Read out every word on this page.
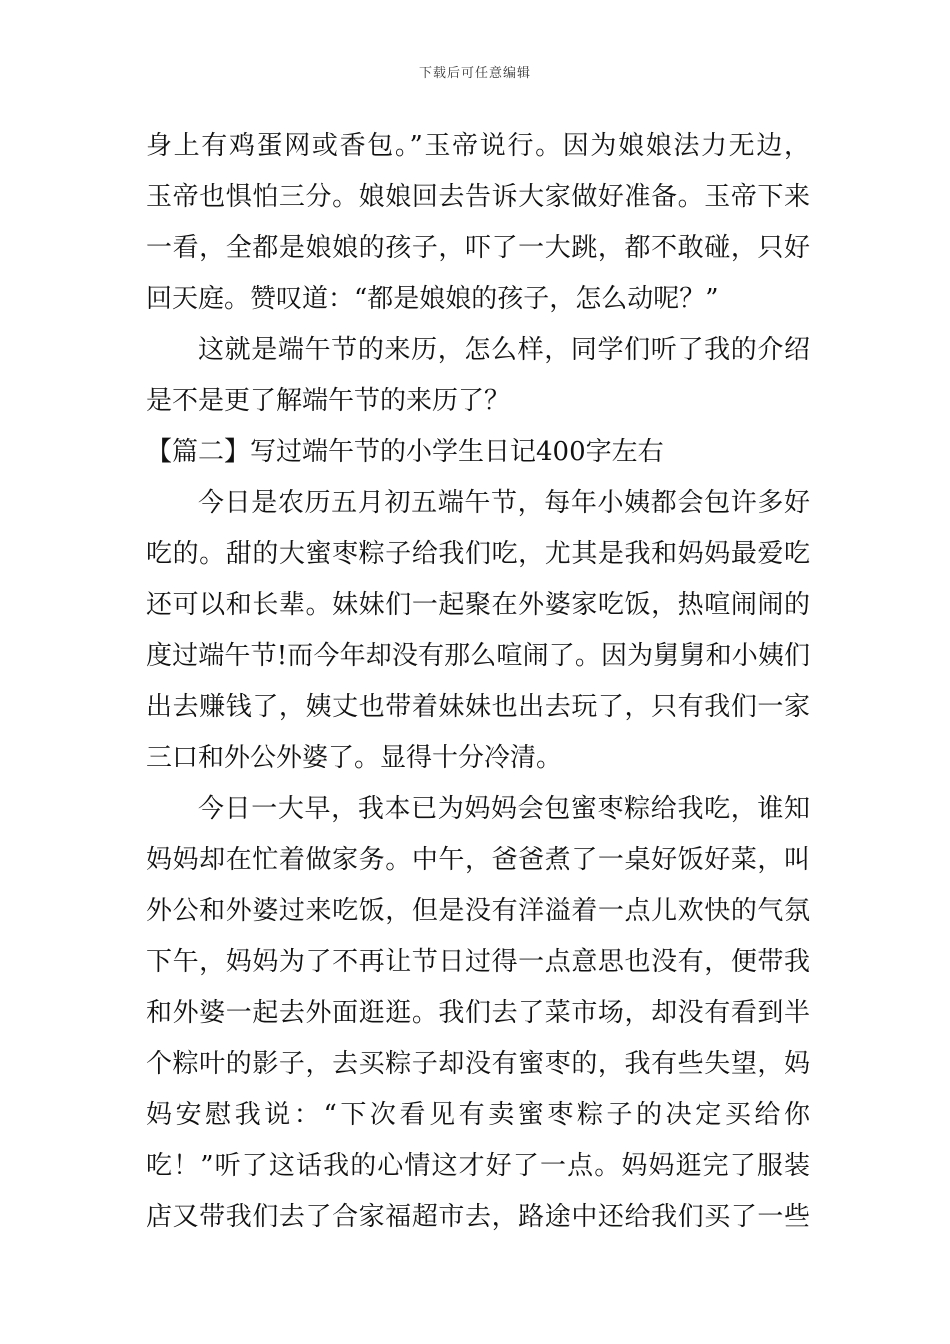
下载后可任意编辑
身上有鸡蛋网或香包。”玉帝说行。因为娘娘法力无边，
玉帝也惧怕三分。娘娘回去告诉大家做好准备。玉帝下来
一看，全都是娘娘的孩子，吓了一大跳，都不敢碰，只好
回天庭。赞叹道：“都是娘娘的孩子，怎么动呢？”
这就是端午节的来历，怎么样，同学们听了我的介绍
是不是更了解端午节的来历了？
【篇二】写过端午节的小学生日记400字左右
今日是农历五月初五端午节，每年小姨都会包许多好
吃的。甜的大蜜枣粽子给我们吃，尤其是我和妈妈最爱吃
还可以和长辈。妹妹们一起聚在外婆家吃饭，热喧闹闹的
度过端午节!而今年却没有那么喧闹了。因为舅舅和小姨们
出去赚钱了，姨丈也带着妹妹也出去玩了，只有我们一家
三口和外公外婆了。显得十分冷清。
今日一大早，我本已为妈妈会包蜜枣粽给我吃，谁知
妈妈却在忙着做家务。中午，爸爸煮了一桌好饭好菜，叫
外公和外婆过来吃饭，但是没有洋溢着一点儿欢快的气氛
下午，妈妈为了不再让节日过得一点意思也没有，便带我
和外婆一起去外面逛逛。我们去了菜市场，却没有看到半
个粽叶的影子，去买粽子却没有蜜枣的，我有些失望，妈
妈安慰我说：“下次看见有卖蜜枣粽子的决定买给你
吃！”听了这话我的心情这才好了一点。妈妈逛完了服装
店又带我们去了合家福超市去，路途中还给我们买了一些
